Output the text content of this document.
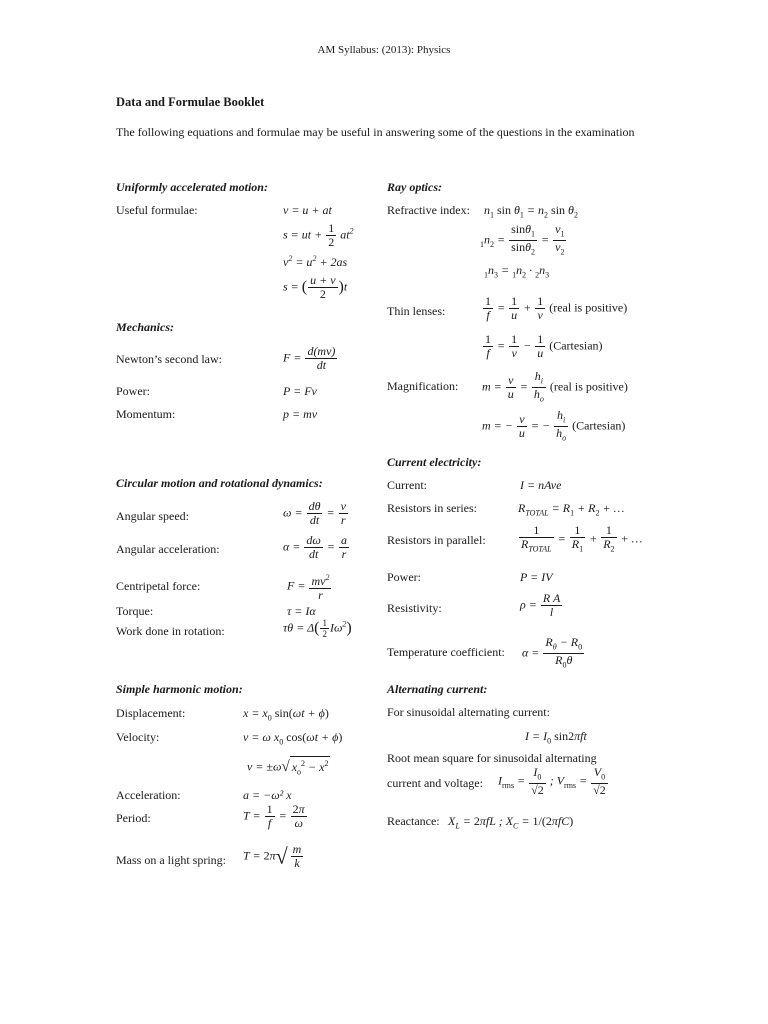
AM Syllabus: (2013): Physics
Data and Formulae Booklet
The following equations and formulae may be useful in answering some of the questions in the examination
Uniformly accelerated motion:
Useful formulae:	v = u + at
s = ut + $\frac{1}{2} at^2$
$v^2 = u^2 + 2as$
s = ( $\frac{u + v}{2} )t$
Mechanics:
Newton’s second law:	$F = \frac{d(mv)}{dt}$
Power:	P = Fv
Momentum:	p = mv
Circular motion and rotational dynamics:
Angular speed:	$\omega = \frac{d\theta}{dt} = \frac{v}{r}$
Angular acceleration:	$\alpha = \frac{d\omega}{dt} = \frac{a}{r}$
Centripetal force:	$F = \frac{mv^2}{r}$
Torque:	τ = Iα
Work done in rotation:	$\tau\theta = \Delta( \frac{1}{2} I\omega^2)$
Simple harmonic motion:
Displacement:	$x = x_0$ sin(ωt + ϕ)
Velocity:	v = ω $x_0$ cos(ωt + ϕ)
v = ±ω√ $x_o^2 - x^2$
Acceleration:	a = −ω² x
Period:	$T = \frac{1}{f} = \frac{2\pi}{\omega}$
Mass on a light spring: $T = 2\pi√ \frac{m}{k}$
Ray optics:
Refractive index: $n_1$ $\sin \theta_1 = n_2$ $\sin \theta_2$
$_1n_2 = \frac{\sin\theta_1}{\sin\theta_2} = \frac{v_1}{v_2}$
$_1n_3 = _1n_2 \cdot _2n_3$
Thin lenses:	$\frac{1}{f} = \frac{1}{u} + \frac{1}{v}$ (real is positive)
$\frac{1}{f} = \frac{1}{v} - \frac{1}{u}$ (Cartesian)
Magnification: $m = \frac{v}{u} = \frac{h_i}{h_o}$ (real is positive)
m = − $\frac{v}{u}$ = − $\frac{h_i}{h_o}$ (Cartesian)
Current electricity:
Current:	I = nAve
Resistors in series:	$R_{TOTAL} = R_1 + R_2$ + …
Resistors in parallel:	$\frac{1}{R_{TOTAL}} = \frac{1}{R_1} + \frac{1}{R_2}$ + …
Power:	P = IV
Resistivity:	$\rho = \frac{\text{R A}}{l}$
Temperature coefficient: $\alpha = \frac{R_\theta - R_0}{R_0\theta}$
Alternating current:
For sinusoidal alternating current:
$I = I_0$ sin2πft
Root mean square for sinusoidal alternating
current and voltage: $I_{rms} = \frac{I_0}{√2}$ ; $V_{rms} = \frac{V_0}{√2}$
Reactance: $X_L = 2\pi fL$ ; $X_C = 1/(2\pi fC)$
